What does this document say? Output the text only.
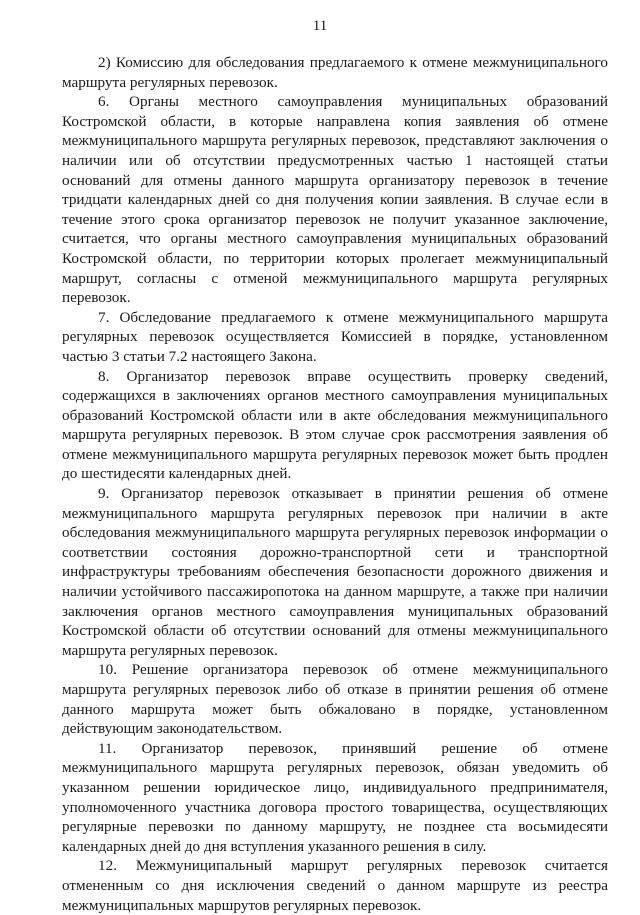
11

2) Комиссию для обследования предлагаемого к отмене межмуниципального маршрута регулярных перевозок.

6. Органы местного самоуправления муниципальных образований Костромской области, в которые направлена копия заявления об отмене межмуниципального маршрута регулярных перевозок, представляют заключения о наличии или об отсутствии предусмотренных частью 1 настоящей статьи оснований для отмены данного маршрута организатору перевозок в течение тридцати календарных дней со дня получения копии заявления. В случае если в течение этого срока организатор перевозок не получит указанное заключение, считается, что органы местного самоуправления муниципальных образований Костромской области, по территории которых пролегает межмуниципальный маршрут, согласны с отменой межмуниципального маршрута регулярных перевозок.

7. Обследование предлагаемого к отмене межмуниципального маршрута регулярных перевозок осуществляется Комиссией в порядке, установленном частью 3 статьи 7.2 настоящего Закона.

8. Организатор перевозок вправе осуществить проверку сведений, содержащихся в заключениях органов местного самоуправления муниципальных образований Костромской области или в акте обследования межмуниципального маршрута регулярных перевозок. В этом случае срок рассмотрения заявления об отмене межмуниципального маршрута регулярных перевозок может быть продлен до шестидесяти календарных дней.

9. Организатор перевозок отказывает в принятии решения об отмене межмуниципального маршрута регулярных перевозок при наличии в акте обследования межмуниципального маршрута регулярных перевозок информации о соответствии состояния дорожно-транспортной сети и транспортной инфраструктуры требованиям обеспечения безопасности дорожного движения и наличии устойчивого пассажиропотока на данном маршруте, а также при наличии заключения органов местного самоуправления муниципальных образований Костромской области об отсутствии оснований для отмены межмуниципального маршрута регулярных перевозок.

10. Решение организатора перевозок об отмене межмуниципального маршрута регулярных перевозок либо об отказе в принятии решения об отмене данного маршрута может быть обжаловано в порядке, установленном действующим законодательством.

11. Организатор перевозок, принявший решение об отмене межмуниципального маршрута регулярных перевозок, обязан уведомить об указанном решении юридическое лицо, индивидуального предпринимателя, уполномоченного участника договора простого товарищества, осуществляющих регулярные перевозки по данному маршруту, не позднее ста восьмидесяти календарных дней до дня вступления указанного решения в силу.

12. Межмуниципальный маршрут регулярных перевозок считается отмененным со дня исключения сведений о данном маршруте из реестра межмуниципальных маршрутов регулярных перевозок.
